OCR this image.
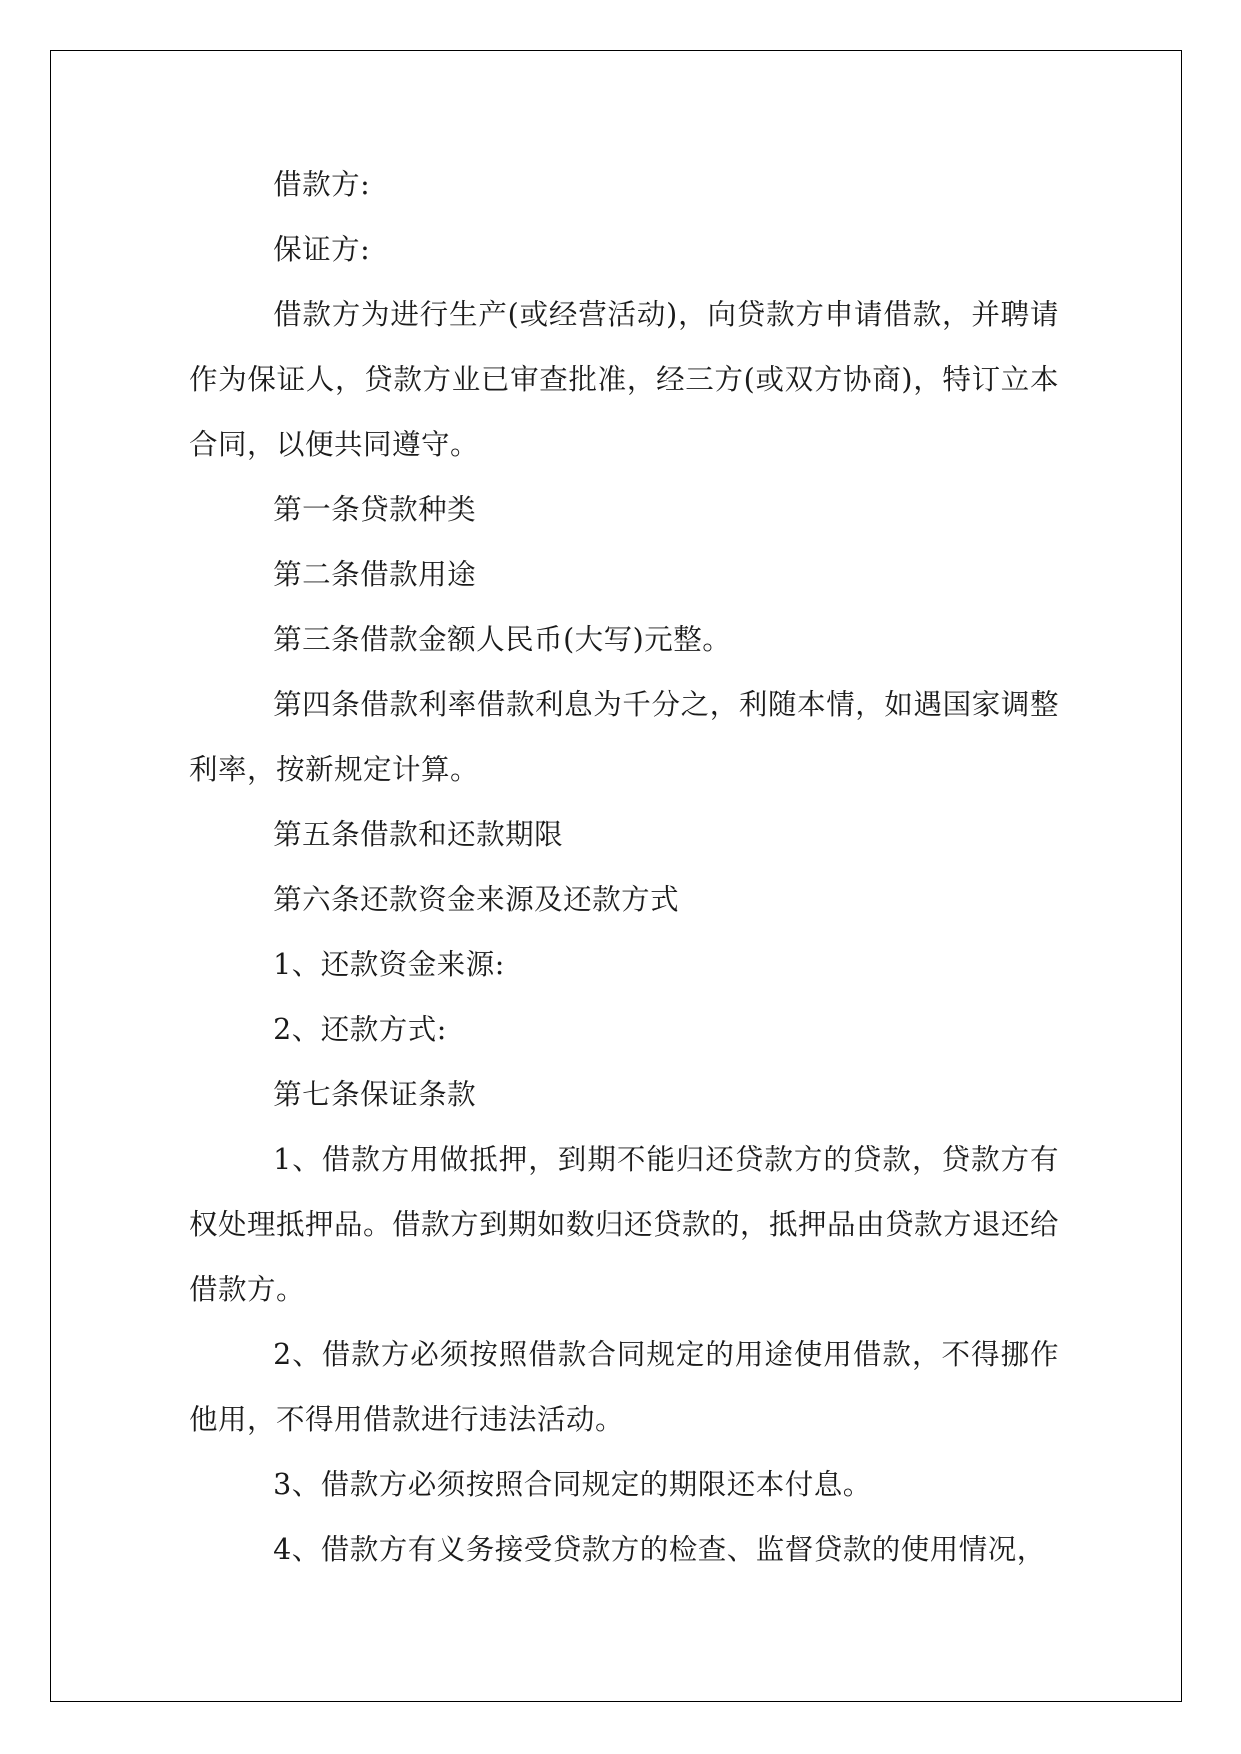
借款方:

保证方:

借款方为进行生产(或经营活动)，向贷款方申请借款，并聘请作为保证人，贷款方业已审查批准，经三方(或双方协商)，特订立本合同，以便共同遵守。

第一条贷款种类

第二条借款用途

第三条借款金额人民币(大写)元整。

第四条借款利率借款利息为千分之，利随本情，如遇国家调整利率，按新规定计算。

第五条借款和还款期限

第六条还款资金来源及还款方式

1、还款资金来源:

2、还款方式:

第七条保证条款

1、借款方用做抵押，到期不能归还贷款方的贷款，贷款方有权处理抵押品。借款方到期如数归还贷款的，抵押品由贷款方退还给借款方。

2、借款方必须按照借款合同规定的用途使用借款，不得挪作他用，不得用借款进行违法活动。

3、借款方必须按照合同规定的期限还本付息。

4、借款方有义务接受贷款方的检查、监督贷款的使用情况，
